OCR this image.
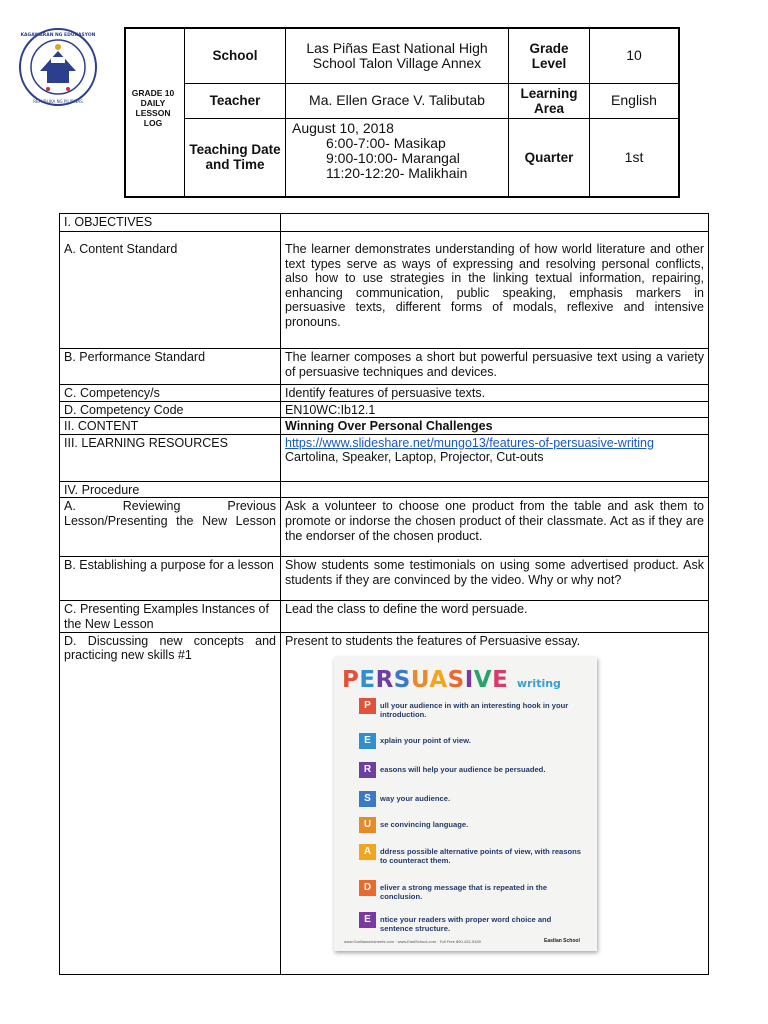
KAGAWARAN NG EDUKASYON
REPUBLIKA NG PILIPINAS
	School	Las Piñas East National High School Talon Village Annex	Grade Level	10
	Teacher	Ma. Ellen Grace V. Talibutab	Learning Area	English
	Teaching Date and Time	August 10, 2018
6:00-7:00- Masikap
9:00-10:00- Marangal
11:20-12:20- Malikhain	Quarter	1st
GRADE 10 DAILY LESSON LOG
I. OBJECTIVES	
A. Content Standard	The learner demonstrates understanding of how world literature and other text types serve as ways of expressing and resolving personal conflicts, also how to use strategies in the linking textual information, repairing, enhancing communication, public speaking, emphasis markers in persuasive texts, different forms of modals, reflexive and intensive pronouns.
B. Performance Standard	The learner composes a short but powerful persuasive text using a variety of persuasive techniques and devices.
C. Competency/s	Identify features of persuasive texts.
D. Competency Code	EN10WC:Ib12.1
II. CONTENT	Winning Over Personal Challenges
III. LEARNING RESOURCES	https://www.slideshare.net/mungo13/features-of-persuasive-writing
Cartolina, Speaker, Laptop, Projector, Cut-outs

IV. Procedure	
A. Reviewing Previous Lesson/Presenting the New Lesson	Ask a volunteer to choose one product from the table and ask them to promote or indorse the chosen product of their classmate. Act as if they are the endorser of the chosen product.
B. Establishing a purpose for a lesson	Show students some testimonials on using some advertised product. Ask students if they are convinced by the video. Why or why not?
C. Presenting Examples Instances of the New Lesson	Lead the class to define the word persuade.
D. Discussing new concepts and practicing new skills #1	Present to students the features of Persuasive essay.
PERSUASIVE writing
P	ull your audience in with an interesting hook in your introduction.
E	xplain your point of view.
R	easons will help your audience be persuaded.
S	way your audience.
U	se convincing language.
A	ddress possible alternative points of view, with reasons to counteract them.
D	eliver a strong message that is repeated in the conclusion.
E	ntice your readers with proper word choice and sentence structure.
www.Gorillaworksheets.com · www.EastSchool.com · Toll Free 800-422-5155	Eastlan School
